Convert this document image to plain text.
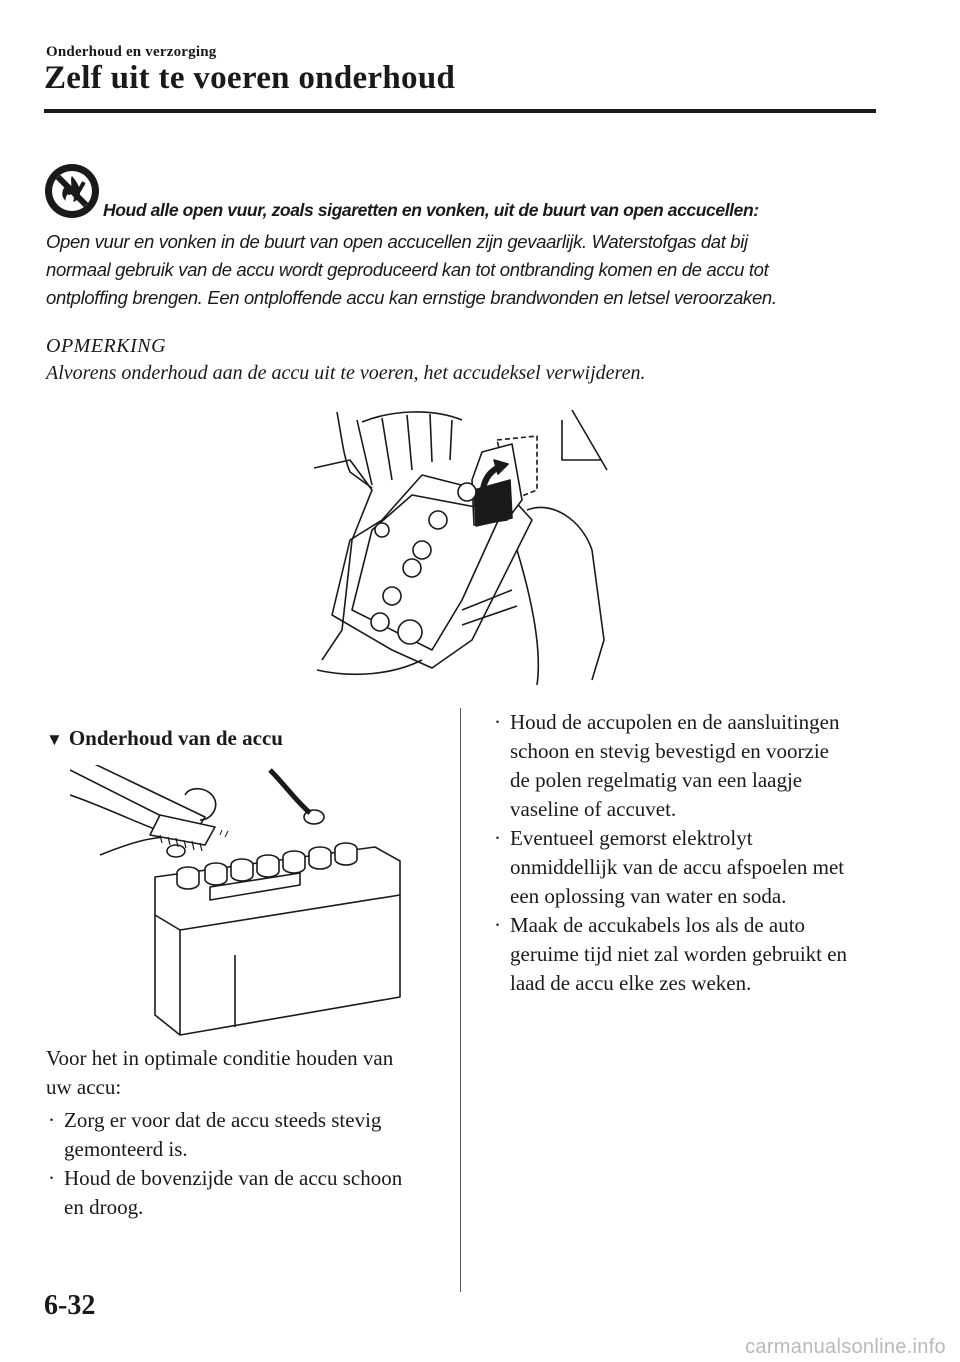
Onderhoud en verzorging
Zelf uit te voeren onderhoud
Houd alle open vuur, zoals sigaretten en vonken, uit de buurt van open accucellen:
Open vuur en vonken in de buurt van open accucellen zijn gevaarlijk. Waterstofgas dat bij
normaal gebruik van de accu wordt geproduceerd kan tot ontbranding komen en de accu tot
ontploffing brengen. Een ontploffende accu kan ernstige brandwonden en letsel veroorzaken.
OPMERKING
Alvorens onderhoud aan de accu uit te voeren, het accudeksel verwijderen.
▼ Onderhoud van de accu
Voor het in optimale conditie houden van
uw accu:
· Zorg er voor dat de accu steeds stevig
gemonteerd is.
· Houd de bovenzijde van de accu schoon
en droog.
· Houd de accupolen en de aansluitingen
schoon en stevig bevestigd en voorzie
de polen regelmatig van een laagje
vaseline of accuvet.
· Eventueel gemorst elektrolyt
onmiddellijk van de accu afspoelen met
een oplossing van water en soda.
· Maak de accukabels los als de auto
geruime tijd niet zal worden gebruikt en
laad de accu elke zes weken.
6-32
carmanualsonline.info
